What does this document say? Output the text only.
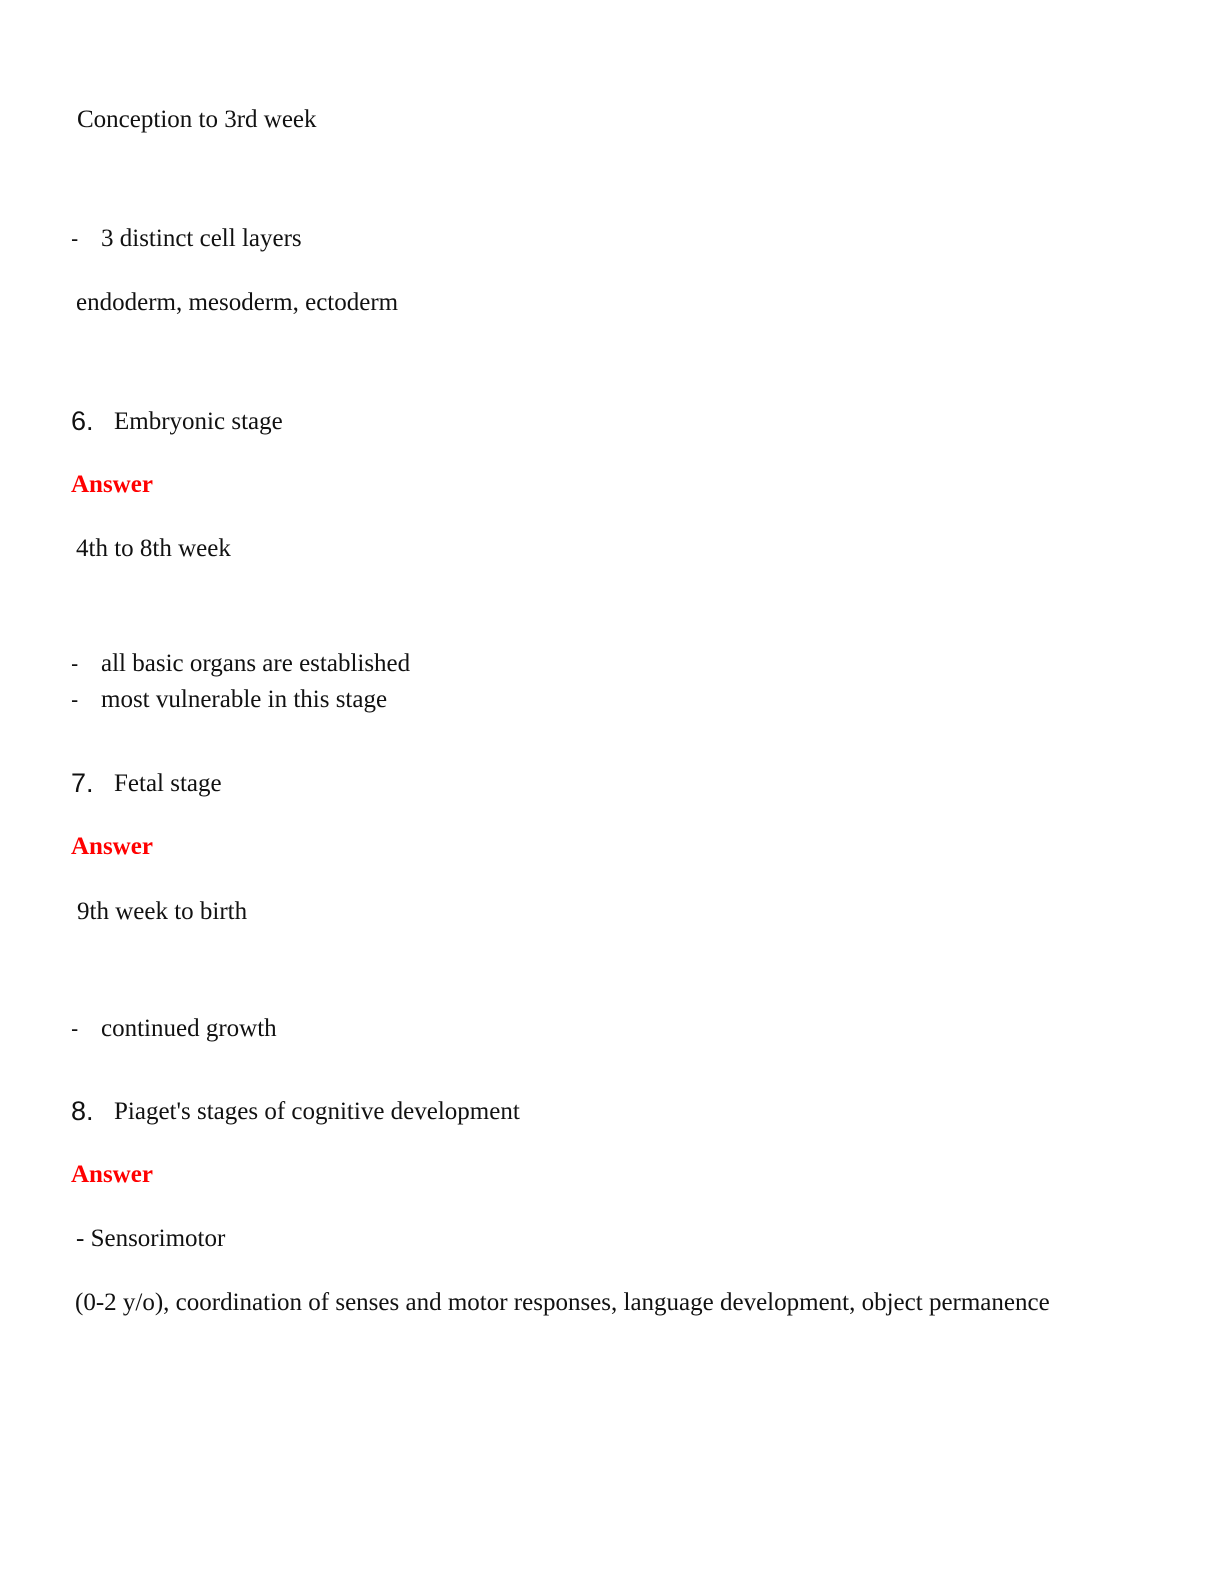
Conception to 3rd week
- 3 distinct cell layers
endoderm, mesoderm, ectoderm
6. Embryonic stage
Answer
4th to 8th week
- all basic organs are established
- most vulnerable in this stage
7. Fetal stage
Answer
9th week to birth
- continued growth
8. Piaget's stages of cognitive development
Answer
- Sensorimotor
(0-2 y/o), coordination of senses and motor responses, language development, object permanence
